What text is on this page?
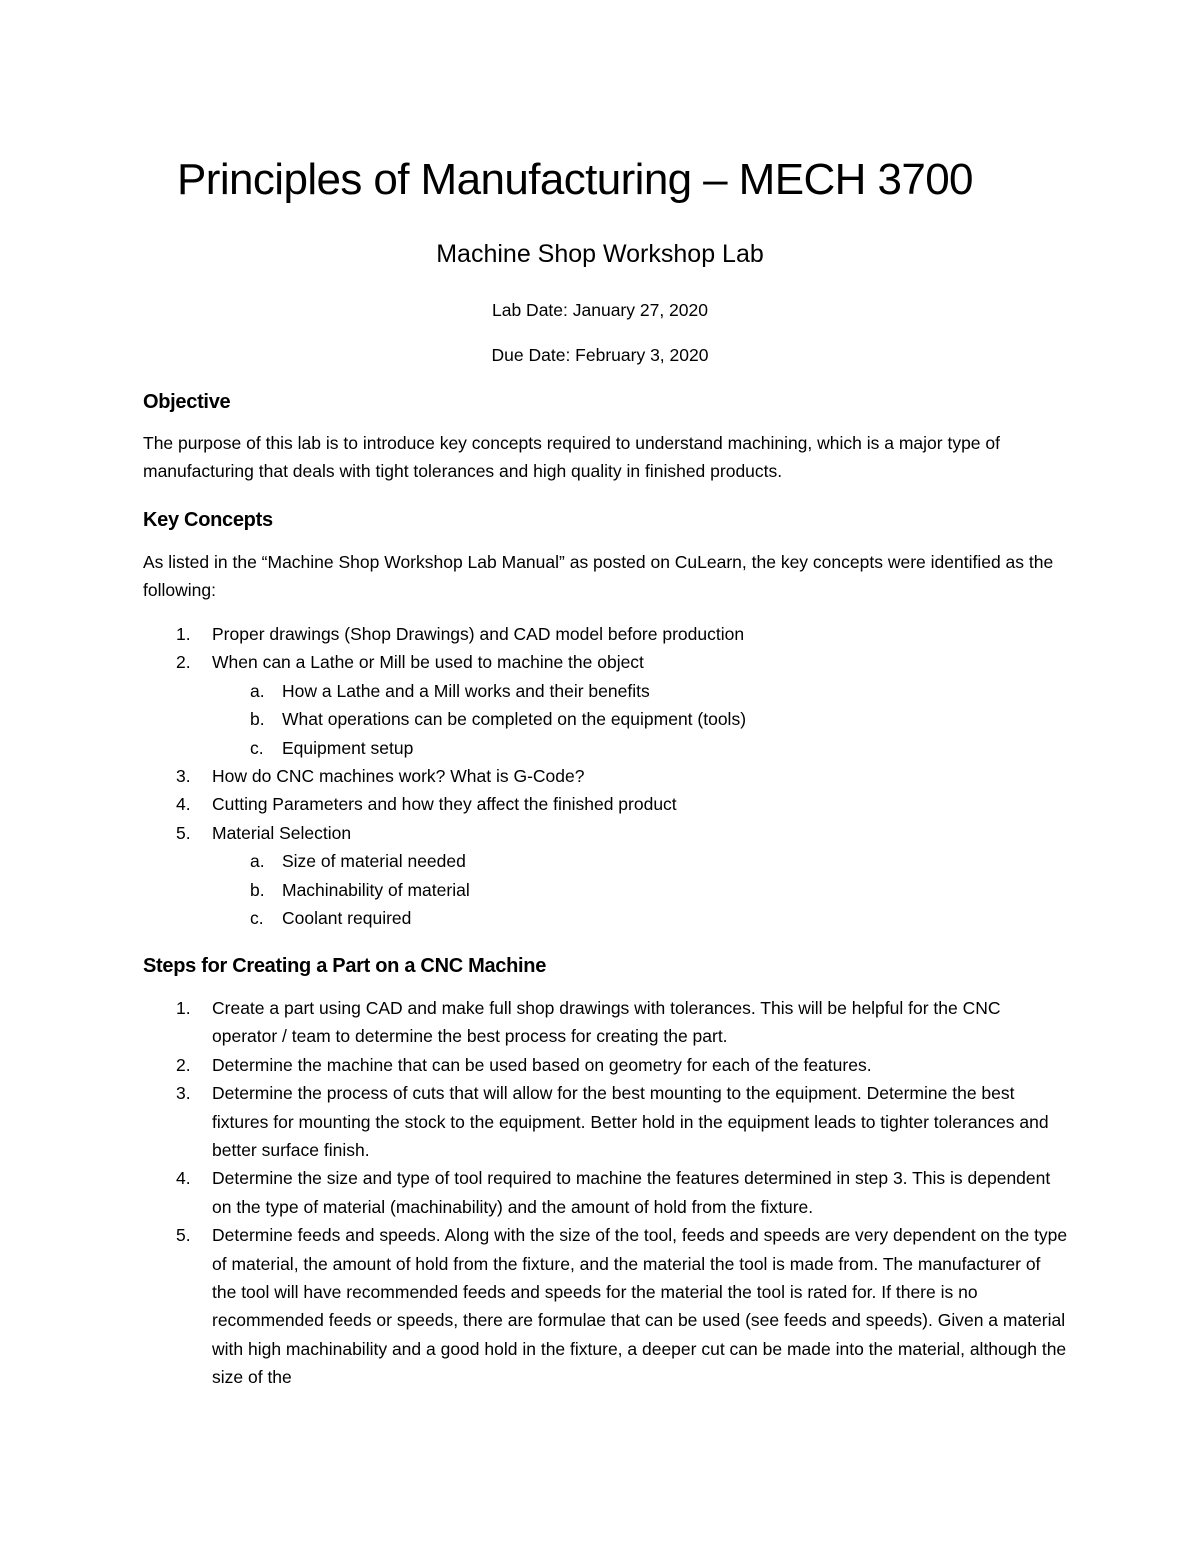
Principles of Manufacturing – MECH 3700
Machine Shop Workshop Lab

Lab Date: January 27, 2020

Due Date: February 3, 2020

Objective

The purpose of this lab is to introduce key concepts required to understand machining, which is a major type of manufacturing that deals with tight tolerances and high quality in finished products.

Key Concepts

As listed in the “Machine Shop Workshop Lab Manual” as posted on CuLearn, the key concepts were identified as the following:

1. Proper drawings (Shop Drawings) and CAD model before production
2. When can a Lathe or Mill be used to machine the object
a. How a Lathe and a Mill works and their benefits
b. What operations can be completed on the equipment (tools)
c. Equipment setup
3. How do CNC machines work? What is G-Code?
4. Cutting Parameters and how they affect the finished product
5. Material Selection
a. Size of material needed
b. Machinability of material
c. Coolant required
Steps for Creating a Part on a CNC Machine
1. Create a part using CAD and make full shop drawings with tolerances. This will be helpful for the CNC operator / team to determine the best process for creating the part.
2. Determine the machine that can be used based on geometry for each of the features.
3. Determine the process of cuts that will allow for the best mounting to the equipment. Determine the best fixtures for mounting the stock to the equipment. Better hold in the equipment leads to tighter tolerances and better surface finish.
4. Determine the size and type of tool required to machine the features determined in step 3. This is dependent on the type of material (machinability) and the amount of hold from the fixture.
5. Determine feeds and speeds. Along with the size of the tool, feeds and speeds are very dependent on the type of material, the amount of hold from the fixture, and the material the tool is made from. The manufacturer of the tool will have recommended feeds and speeds for the material the tool is rated for. If there is no recommended feeds or speeds, there are formulae that can be used (see feeds and speeds). Given a material with high machinability and a good hold in the fixture, a deeper cut can be made into the material, although the size of the
